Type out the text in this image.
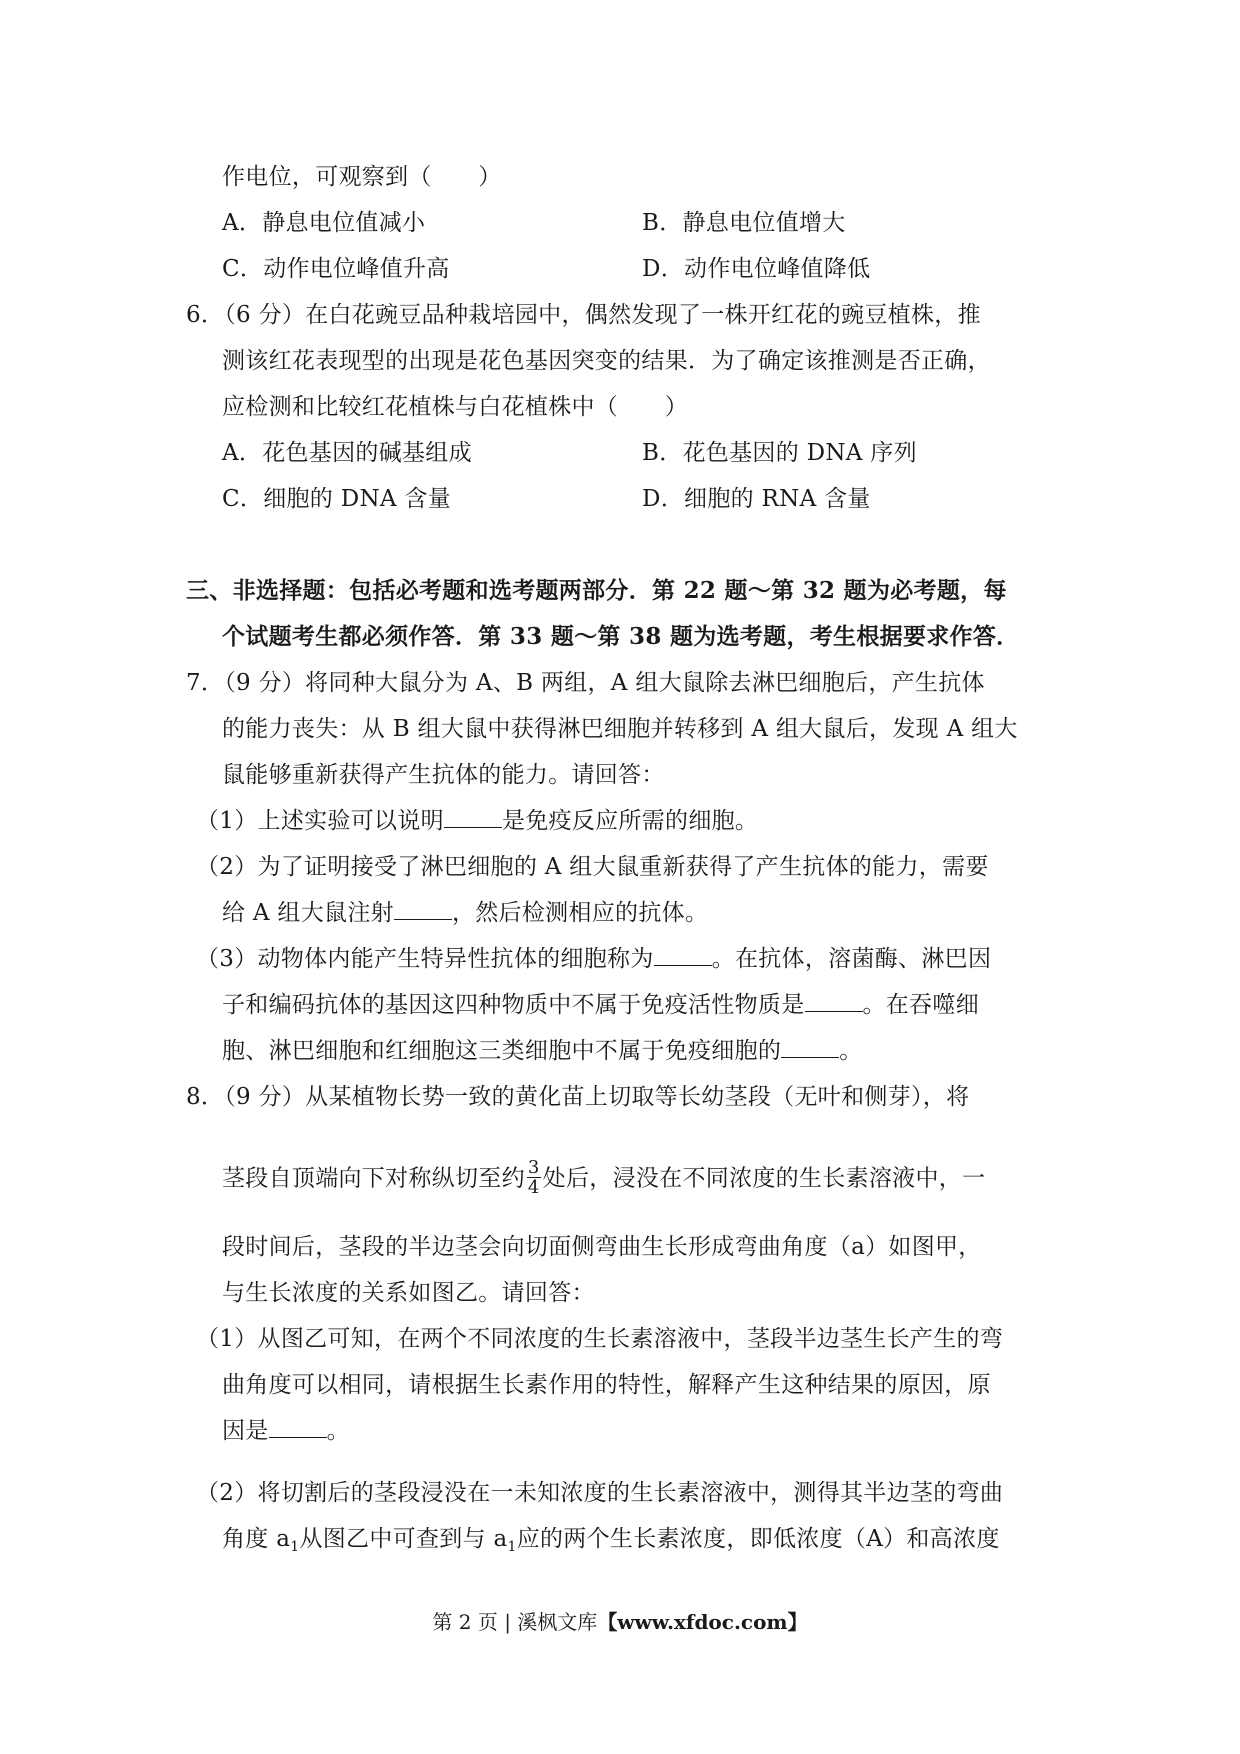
作电位，可观察到（　　）
A．静息电位值减小	B．静息电位值增大
C．动作电位峰值升高	D．动作电位峰值降低
6．（6 分）在白花豌豆品种栽培园中，偶然发现了一株开红花的豌豆植株，推
测该红花表现型的出现是花色基因突变的结果．为了确定该推测是否正确，
应检测和比较红花植株与白花植株中（　　）
A．花色基因的碱基组成	B．花色基因的 DNA 序列
C．细胞的 DNA 含量	D．细胞的 RNA 含量
三、非选择题：包括必考题和选考题两部分．第 22 题～第 32 题为必考题，每
个试题考生都必须作答．第 33 题～第 38 题为选考题，考生根据要求作答．
7．（9 分）将同种大鼠分为 A、B 两组，A 组大鼠除去淋巴细胞后，产生抗体
的能力丧失：从 B 组大鼠中获得淋巴细胞并转移到 A 组大鼠后，发现 A 组大
鼠能够重新获得产生抗体的能力。请回答：
（1）上述实验可以说明	是免疫反应所需的细胞。
（2）为了证明接受了淋巴细胞的 A 组大鼠重新获得了产生抗体的能力，需要
给 A 组大鼠注射	，然后检测相应的抗体。
（3）动物体内能产生特异性抗体的细胞称为	。在抗体，溶菌酶、淋巴因
子和编码抗体的基因这四种物质中不属于免疫活性物质是	。在吞噬细
胞、淋巴细胞和红细胞这三类细胞中不属于免疫细胞的	。
8．（9 分）从某植物长势一致的黄化苗上切取等长幼茎段（无叶和侧芽），将
茎段自顶端向下对称纵切至约 $\frac{3}{4}$ 处后，浸没在不同浓度的生长素溶液中，一
段时间后，茎段的半边茎会向切面侧弯曲生长形成弯曲角度（a）如图甲，
与生长浓度的关系如图乙。请回答：
（1）从图乙可知，在两个不同浓度的生长素溶液中，茎段半边茎生长产生的弯
曲角度可以相同，请根据生长素作用的特性，解释产生这种结果的原因，原
因是	。
（2）将切割后的茎段浸没在一未知浓度的生长素溶液中，测得其半边茎的弯曲
角度 $a_1$从图乙中可查到与 $a_1$应的两个生长素浓度，即低浓度（A）和高浓度
第 2 页 | 溪枫文库【www.xfdoc.com】
